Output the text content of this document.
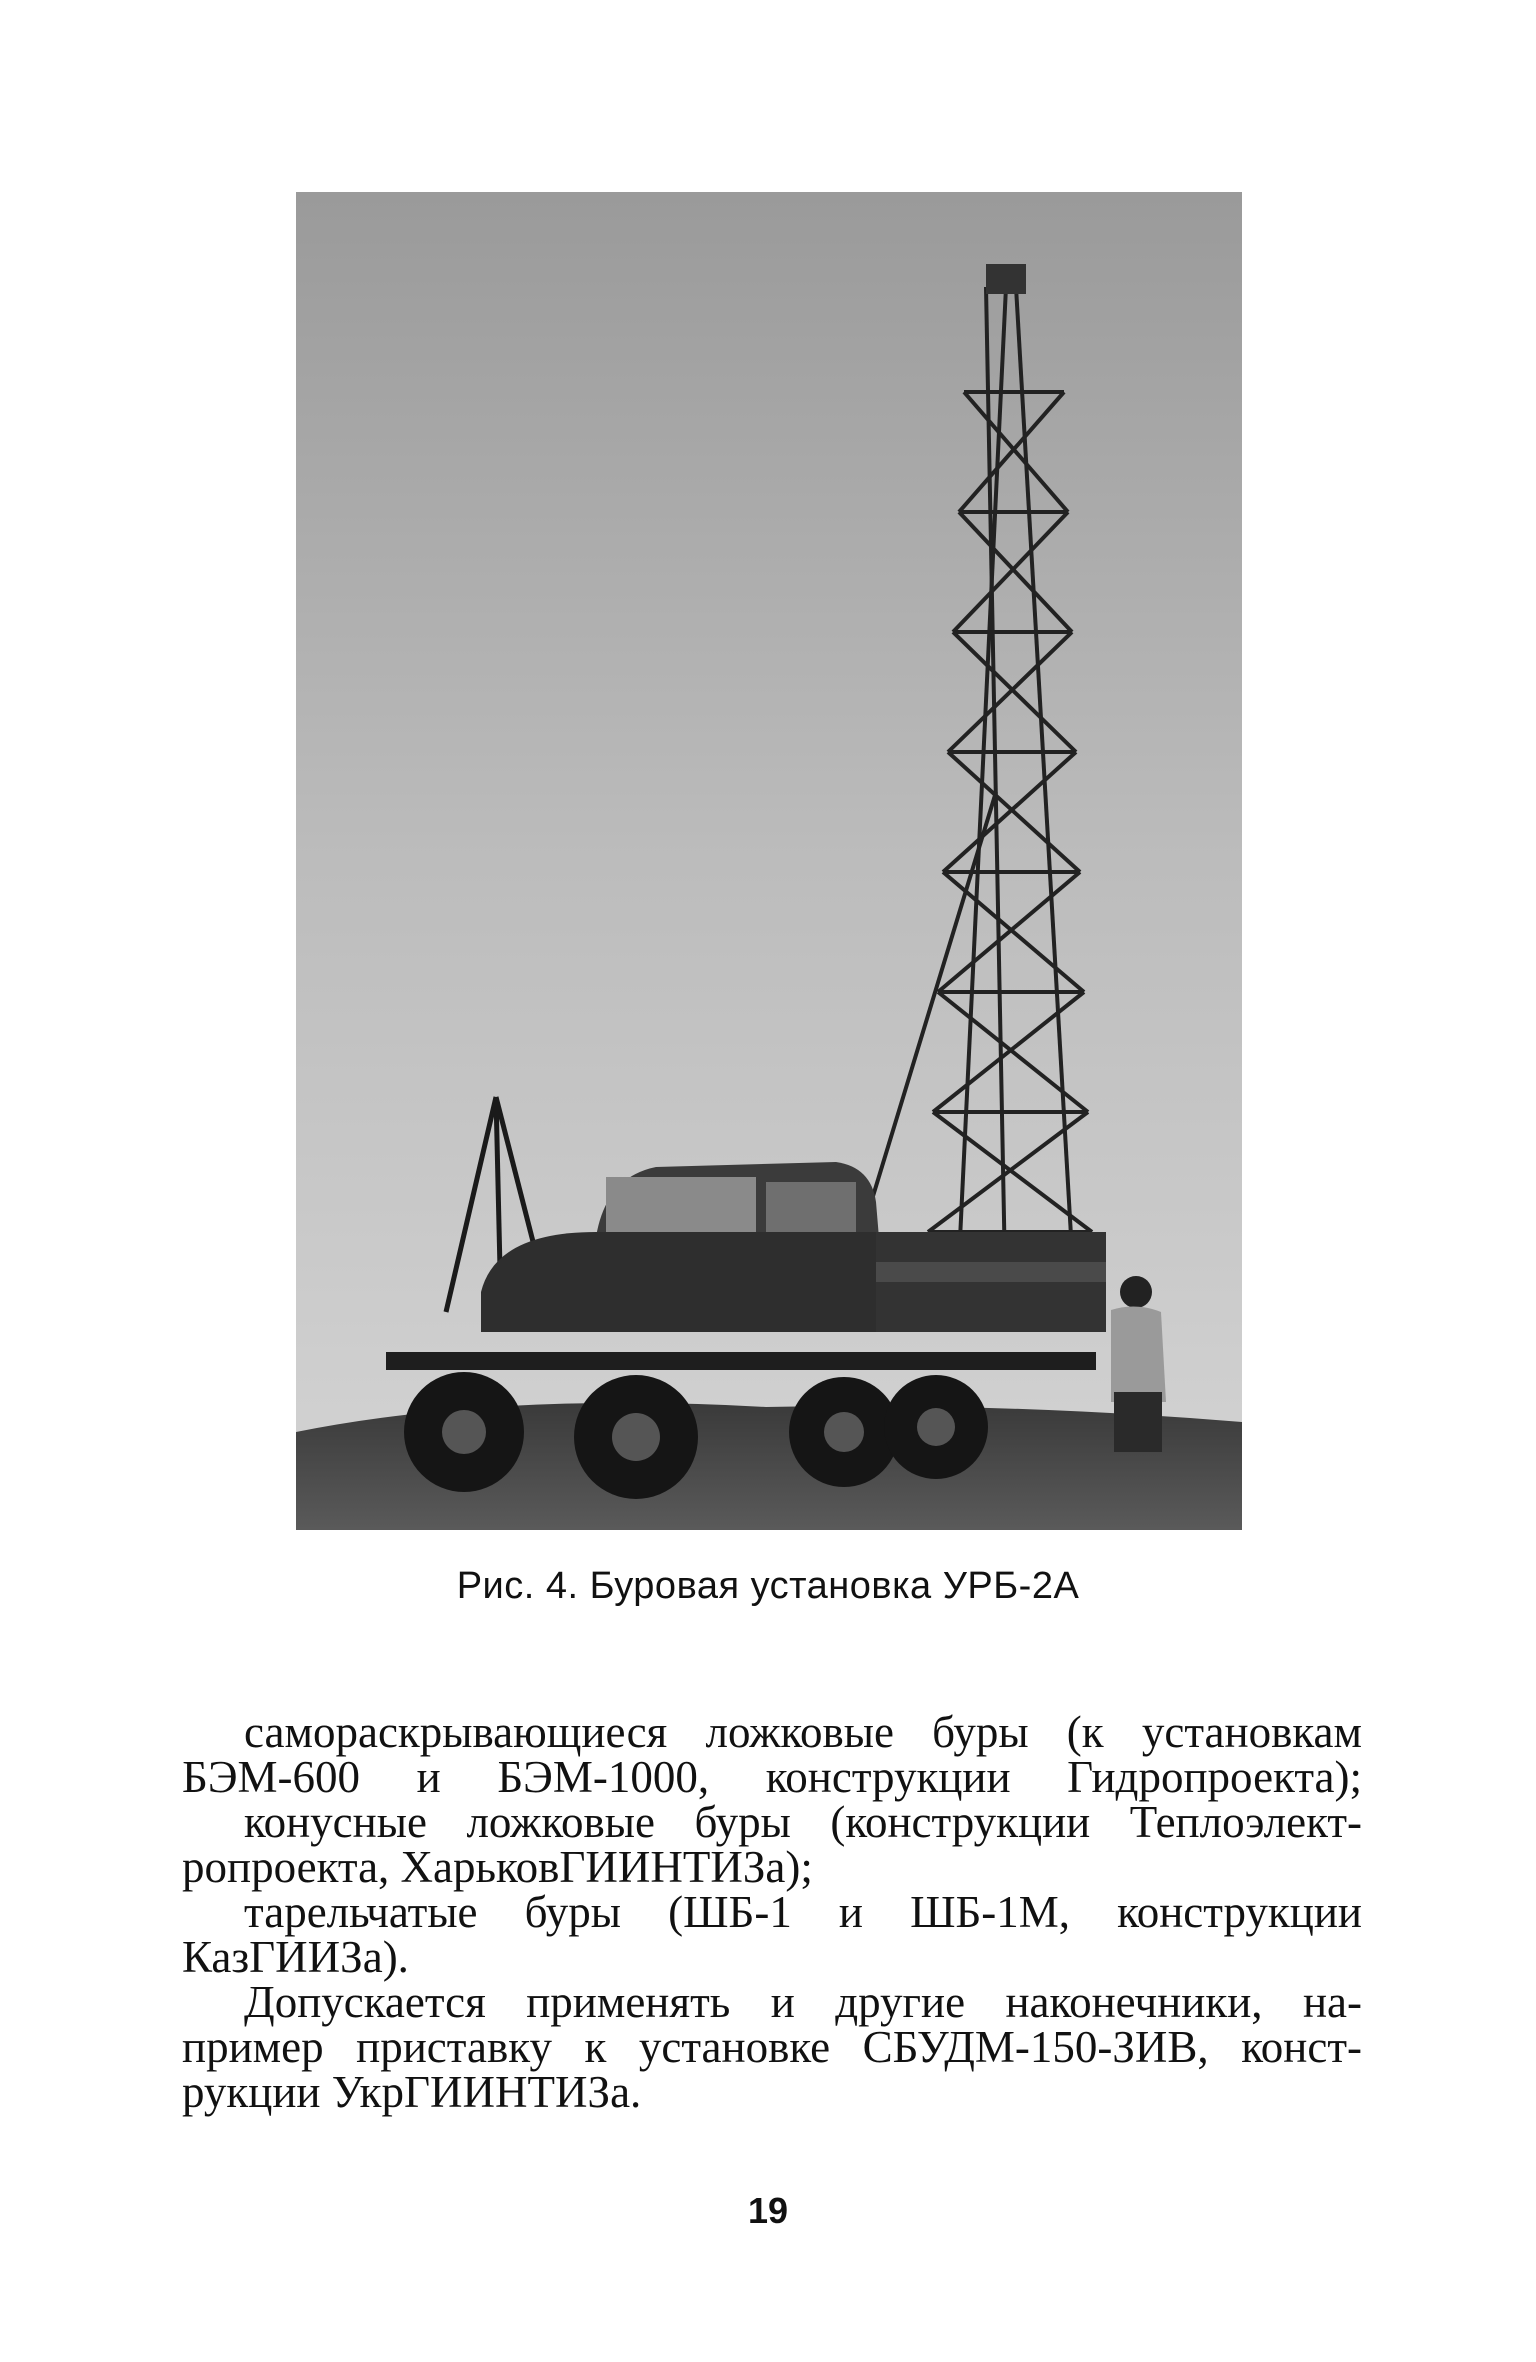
Рис. 4. Буровая установка УРБ-2А
самораскрывающиеся ложковые буры (к установкам
БЭМ-600 и БЭМ-1000, конструкции Гидропроекта);
конусные ложковые буры (конструкции Теплоэлект-
ропроекта, ХарьковГИИНТИЗа);
тарельчатые буры (ШБ-1 и ШБ-1М, конструкции
КазГИИЗа).
Допускается применять и другие наконечники, на-
пример приставку к установке СБУДМ-150-ЗИВ, конст-
рукции УкрГИИНТИЗа.
19
